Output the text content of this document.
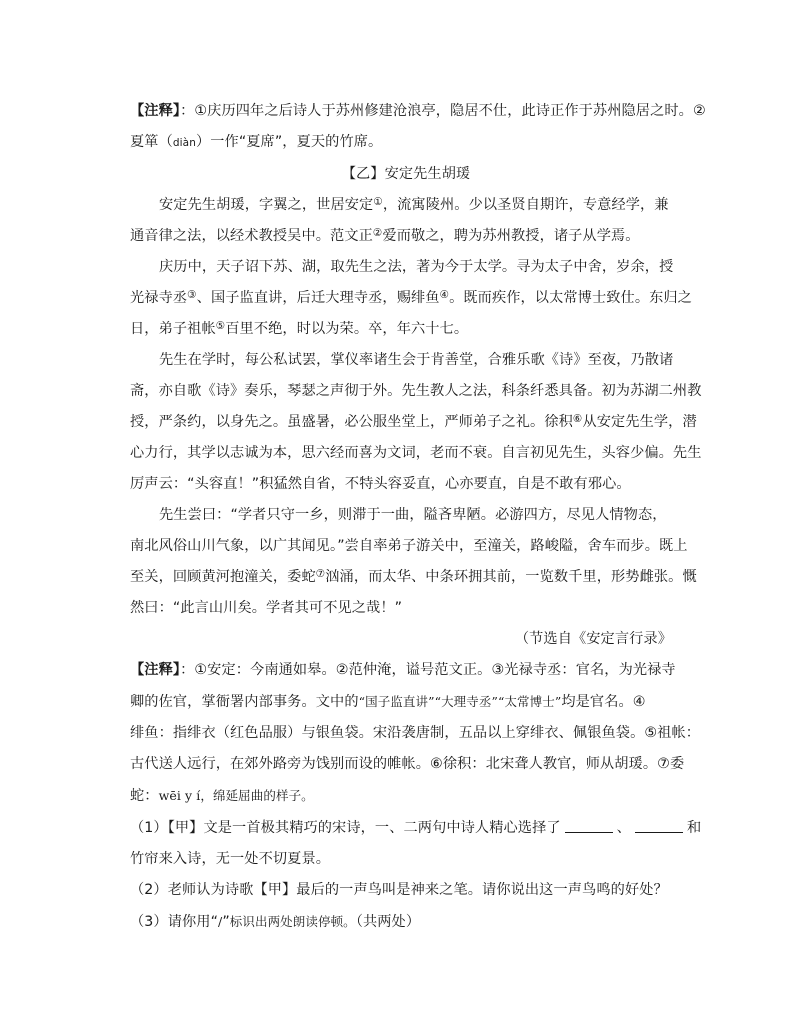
【注释】：①庆历四年之后诗人于苏州修建沧浪亭，隐居不仕，此诗正作于苏州隐居之时。②
夏箪（diàn）一作“夏席”，夏天的竹席。
【乙】安定先生胡瑗
安定先生胡瑗，字翼之，世居安定①，流寓陵州。少以圣贤自期许，专意经学，兼
通音律之法，以经术教授吴中。范文正②爱而敬之，聘为苏州教授，诸子从学焉。
庆历中，天子诏下苏、湖，取先生之法，著为今于太学。寻为太子中舍，岁余，授
光禄寺丞③、国子监直讲，后迁大理寺丞，赐绯鱼④。既而疾作，以太常博士致仕。东归之
日，弟子祖帐⑤百里不绝，时以为荣。卒，年六十七。
先生在学时，每公私试罢，掌仪率诸生会于肯善堂，合雅乐歌《诗》至夜，乃散诸
斋，亦自歌《诗》奏乐，琴瑟之声彻于外。先生教人之法，科条纤悉具备。初为苏湖二州教
授，严条约，以身先之。虽盛暑，必公服坐堂上，严师弟子之礼。徐积⑥从安定先生学，潜
心力行，其学以志诚为本，思六经而喜为文词，老而不衰。自言初见先生，头容少偏。先生
厉声云：“头容直！”积猛然自省，不特头容妥直，心亦要直，自是不敢有邪心。
先生尝曰：“学者只守一乡，则滞于一曲，隘吝卑陋。必游四方，尽见人情物态，
南北风俗山川气象，以广其闻见。”尝自率弟子游关中，至潼关，路峻隘，舍车而步。既上
至关，回顾黄河抱潼关，委蛇⑦汹涌，而太华、中条环拥其前，一览数千里，形势雌张。慨
然曰：“此言山川矣。学者其可不见之哉！”
（节选自《安定言行录》
【注释】：①安定：今南通如皋。②范仲淹，谥号范文正。③光禄寺丞：官名，为光禄寺
卿的佐官，掌衙署内部事务。文中的“国子监直讲”“大理寺丞”“太常博士”均是官名。④
绯鱼：指绯衣（红色品服）与银鱼袋。宋沿袭唐制，五品以上穿绯衣、佩银鱼袋。⑤祖帐：
古代送人远行，在郊外路旁为饯别而设的帷帐。⑥徐积：北宋聋人教官，师从胡瑗。⑦委
蛇：wēi y í，绵延屈曲的样子。
（1）【甲】文是一首极其精巧的宋诗，一、二两句中诗人精心选择了	、	和
竹帘来入诗，无一处不切夏景。
（2）老师认为诗歌【甲】最后的一声鸟叫是神来之笔。请你说出这一声鸟鸣的好处？
（3）请你用“/”标识出两处朗读停顿。（共两处）
